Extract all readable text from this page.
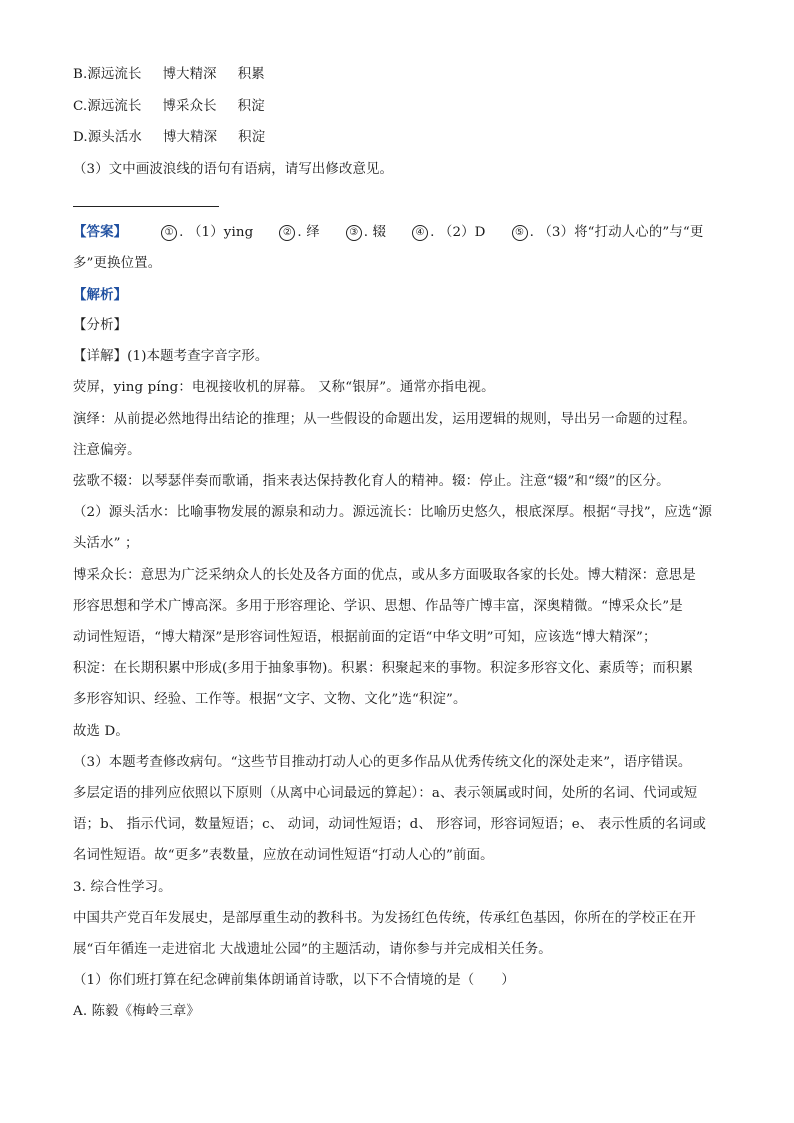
B.源远流长 博大精深 积累
C.源远流长 博采众长 积淀
D.源头活水 博大精深 积淀
（3）文中画波浪线的语句有语病，请写出修改意见。
【答案】	① . （1）ying	② . 绎	③ . 辍	④ . （2）D	⑤ . （3）将“打动人心的”与“更
多”更换位置。
【解析】
【分析】
【详解】(1)本题考查字音字形。
荧屏，ying píng：电视接收机的屏幕。 又称“银屏”。通常亦指电视。
演绎：从前提必然地得出结论的推理；从一些假设的命题出发，运用逻辑的规则，导出另一命题的过程。
注意偏旁。
弦歌不辍：以琴瑟伴奏而歌诵，指来表达保持教化育人的精神。辍：停止。注意“辍”和“缀”的区分。
（2）源头活水：比喻事物发展的源泉和动力。源远流长：比喻历史悠久，根底深厚。根据“寻找”，应选“源
头活水” ；
博采众长：意思为广泛采纳众人的长处及各方面的优点，或从多方面吸取各家的长处。博大精深：意思是
形容思想和学术广博高深。多用于形容理论、学识、思想、作品等广博丰富，深奥精微。“博采众长”是
动词性短语，“博大精深”是形容词性短语，根据前面的定语“中华文明”可知，应该选“博大精深”；
积淀：在长期积累中形成(多用于抽象事物)。积累：积聚起来的事物。积淀多形容文化、素质等；而积累
多形容知识、经验、工作等。根据“文字、文物、文化”选“积淀”。
故选 D。
（3）本题考查修改病句。“这些节目推动打动人心的更多作品从优秀传统文化的深处走来”，语序错误。
多层定语的排列应依照以下原则（从离中心词最远的算起）：a、表示领属或时间，处所的名词、代词或短
语；b、 指示代词，数量短语；c、 动词，动词性短语；d、 形容词，形容词短语；e、 表示性质的名词或
名词性短语。故“更多”表数量，应放在动词性短语“打动人心的”前面。
3. 综合性学习。
中国共产党百年发展史，是部厚重生动的教科书。为发扬红色传统，传承红色基因，你所在的学校正在开
展“百年循连一走进宿北 大战遗址公园”的主题活动，请你参与并完成相关任务。
（1）你们班打算在纪念碑前集体朗诵首诗歌，以下不合情境的是（　　）
A. 陈毅《梅岭三章》
